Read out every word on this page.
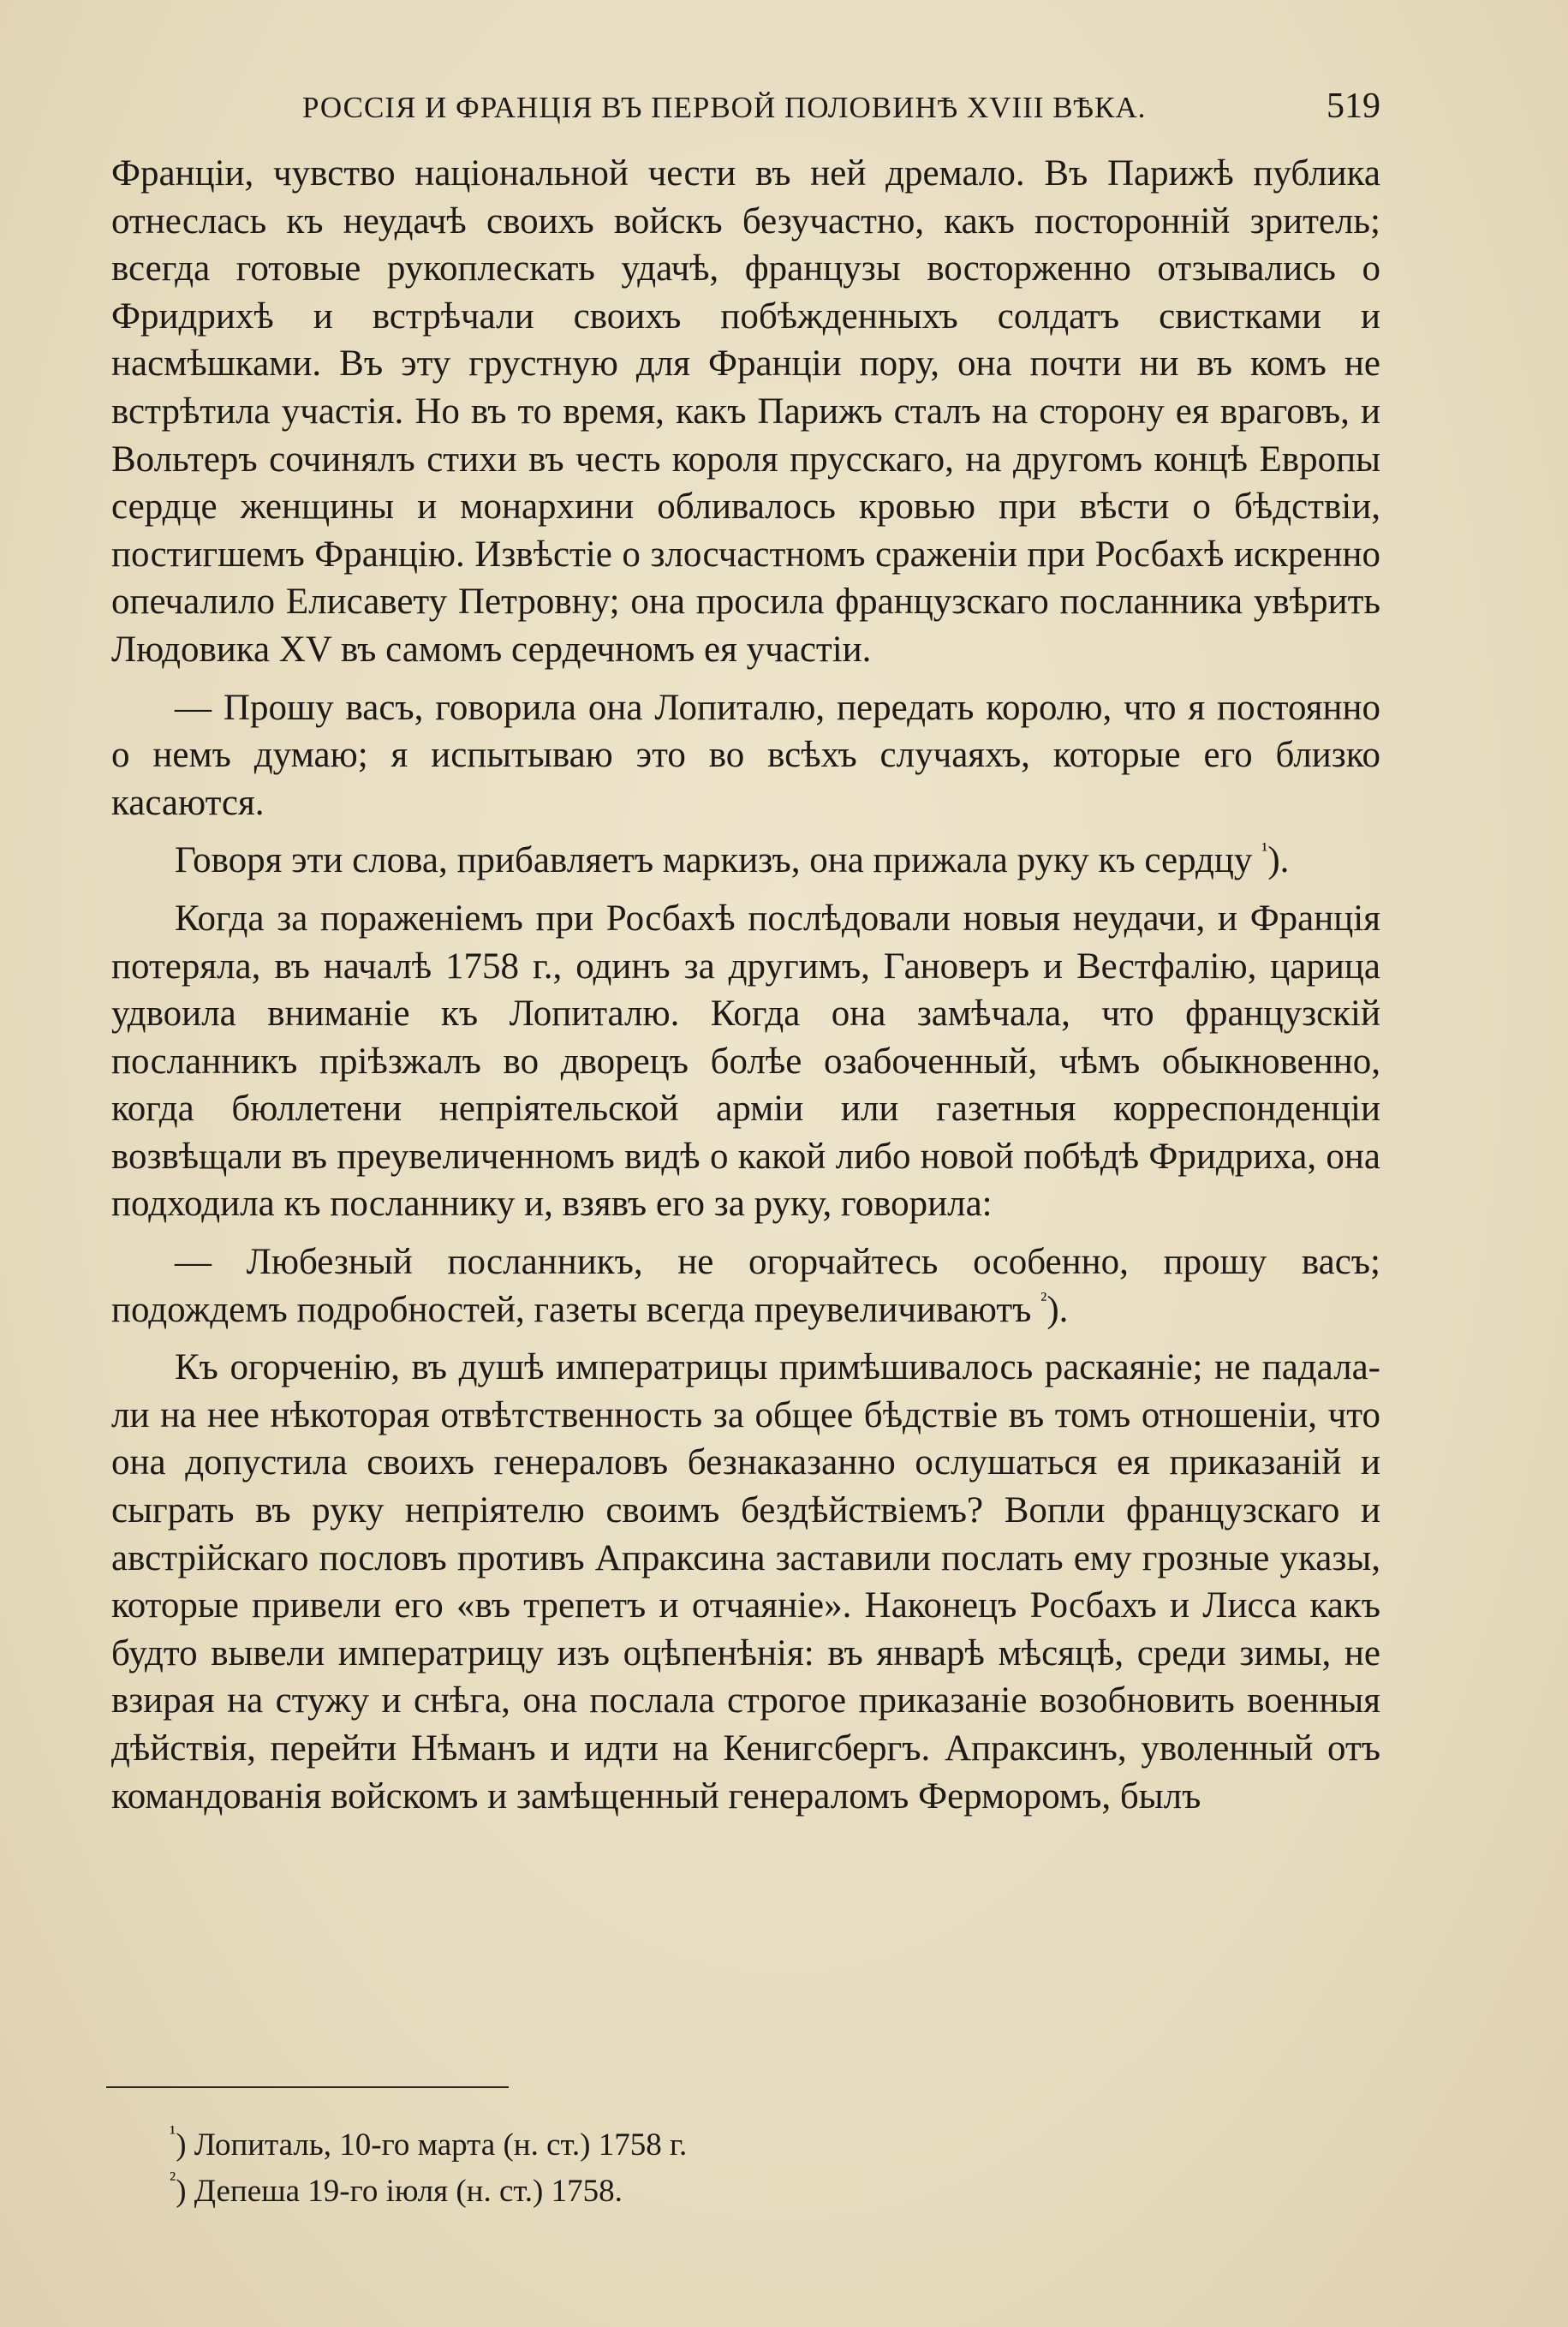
РОССІЯ И ФРАНЦІЯ ВЪ ПЕРВОЙ ПОЛОВИНѢ XVIII ВѢКА.	519

Франціи, чувство національной чести въ ней дремало. Въ Парижѣ публика отнеслась къ неудачѣ своихъ войскъ безучастно, какъ посторонній зритель; всегда готовые рукоплескать удачѣ, французы восторженно отзывались о Фридрихѣ и встрѣчали своихъ побѣжденныхъ солдатъ свистками и насмѣшками. Въ эту грустную для Франціи пору, она почти ни въ комъ не встрѣтила участія. Но въ то время, какъ Парижъ сталъ на сторону ея враговъ, и Вольтеръ сочинялъ стихи въ честь короля прусскаго, на другомъ концѣ Европы сердце женщины и монархини обливалось кровью при вѣсти о бѣдствіи, постигшемъ Францію. Извѣстіе о злосчастномъ сраженіи при Росбахѣ искренно опечалило Елисавету Петровну; она просила французскаго посланника увѣрить Людовика XV въ самомъ сердечномъ ея участіи.

— Прошу васъ, говорила она Лопиталю, передать королю, что я постоянно о немъ думаю; я испытываю это во всѣхъ случаяхъ, которые его близко касаются.

Говоря эти слова, прибавляетъ маркизъ, она прижала руку къ сердцу $^{^1}$).

Когда за пораженіемъ при Росбахѣ послѣдовали новыя неудачи, и Франція потеряла, въ началѣ 1758 г., одинъ за другимъ, Гановеръ и Вестфалію, царица удвоила вниманіе къ Лопиталю. Когда она замѣчала, что французскій посланникъ пріѣзжалъ во дворецъ болѣе озабоченный, чѣмъ обыкновенно, когда бюллетени непріятельской арміи или газетныя корреспонденціи возвѣщали въ преувеличенномъ видѣ о какой либо новой побѣдѣ Фридриха, она подходила къ посланнику и, взявъ его за руку, говорила:

— Любезный посланникъ, не огорчайтесь особенно, прошу васъ; подождемъ подробностей, газеты всегда преувеличиваютъ $^{^2}$).

Къ огорченію, въ душѣ императрицы примѣшивалось раскаяніе; не падала-ли на нее нѣкоторая отвѣтственность за общее бѣдствіе въ томъ отношеніи, что она допустила своихъ генераловъ безнаказанно ослушаться ея приказаній и сыграть въ руку непріятелю своимъ бездѣйствіемъ? Вопли французскаго и австрійскаго пословъ противъ Апраксина заставили послать ему грозные указы, которые привели его «въ трепетъ и отчаяніе». Наконецъ Росбахъ и Лисса какъ будто вывели императрицу изъ оцѣпенѣнія: въ январѣ мѣсяцѣ, среди зимы, не взирая на стужу и снѣга, она послала строгое приказаніе возобновить военныя дѣйствія, перейти Нѣманъ и идти на Кенигсбергъ. Апраксинъ, уволенный отъ командованія войскомъ и замѣщенный генераломъ Ферморомъ, былъ

$^{^1}$) Лопиталь, 10-го марта (н. ст.) 1758 г.

$^{^2}$) Депеша 19-го іюля (н. ст.) 1758.
